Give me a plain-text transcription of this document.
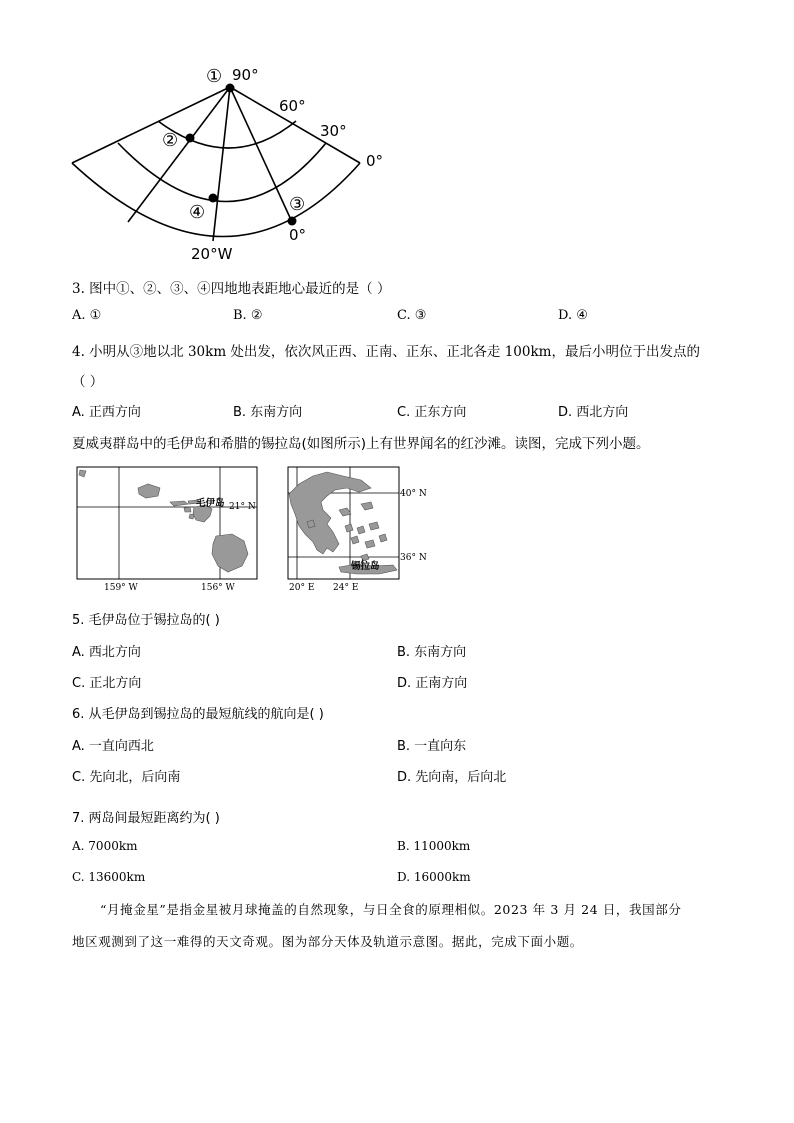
① 90°
②
60°
30°
0°
④	③
0°
20°W
3. 图中①、②、③、④四地地表距地心最近的是（ ）
A. ①	B. ②	C. ③	D. ④
4. 小明从③地以北 30km 处出发，依次风正西、正南、正东、正北各走 100km，最后小明位于出发点的
（ ）
A. 正西方向	B. 东南方向	C. 正东方向	D. 西北方向
夏威夷群岛中的毛伊岛和希腊的锡拉岛(如图所示)上有世界闻名的红沙滩。读图，完成下列小题。
毛伊岛 21° N
159° W	156° W
锡拉岛
40° N
36° N
20° E 24° E
5. 毛伊岛位于锡拉岛的( )
A. 西北方向	B. 东南方向
C. 正北方向	D. 正南方向
6. 从毛伊岛到锡拉岛的最短航线的航向是( )
A. 一直向西北	B. 一直向东
C. 先向北，后向南	D. 先向南，后向北
7. 两岛间最短距离约为( )
A. 7000km	B. 11000km
C. 13600km	D. 16000km
“月掩金星”是指金星被月球掩盖的自然现象，与日全食的原理相似。2023 年 3 月 24 日，我国部分
地区观测到了这一难得的天文奇观。图为部分天体及轨道示意图。据此，完成下面小题。
